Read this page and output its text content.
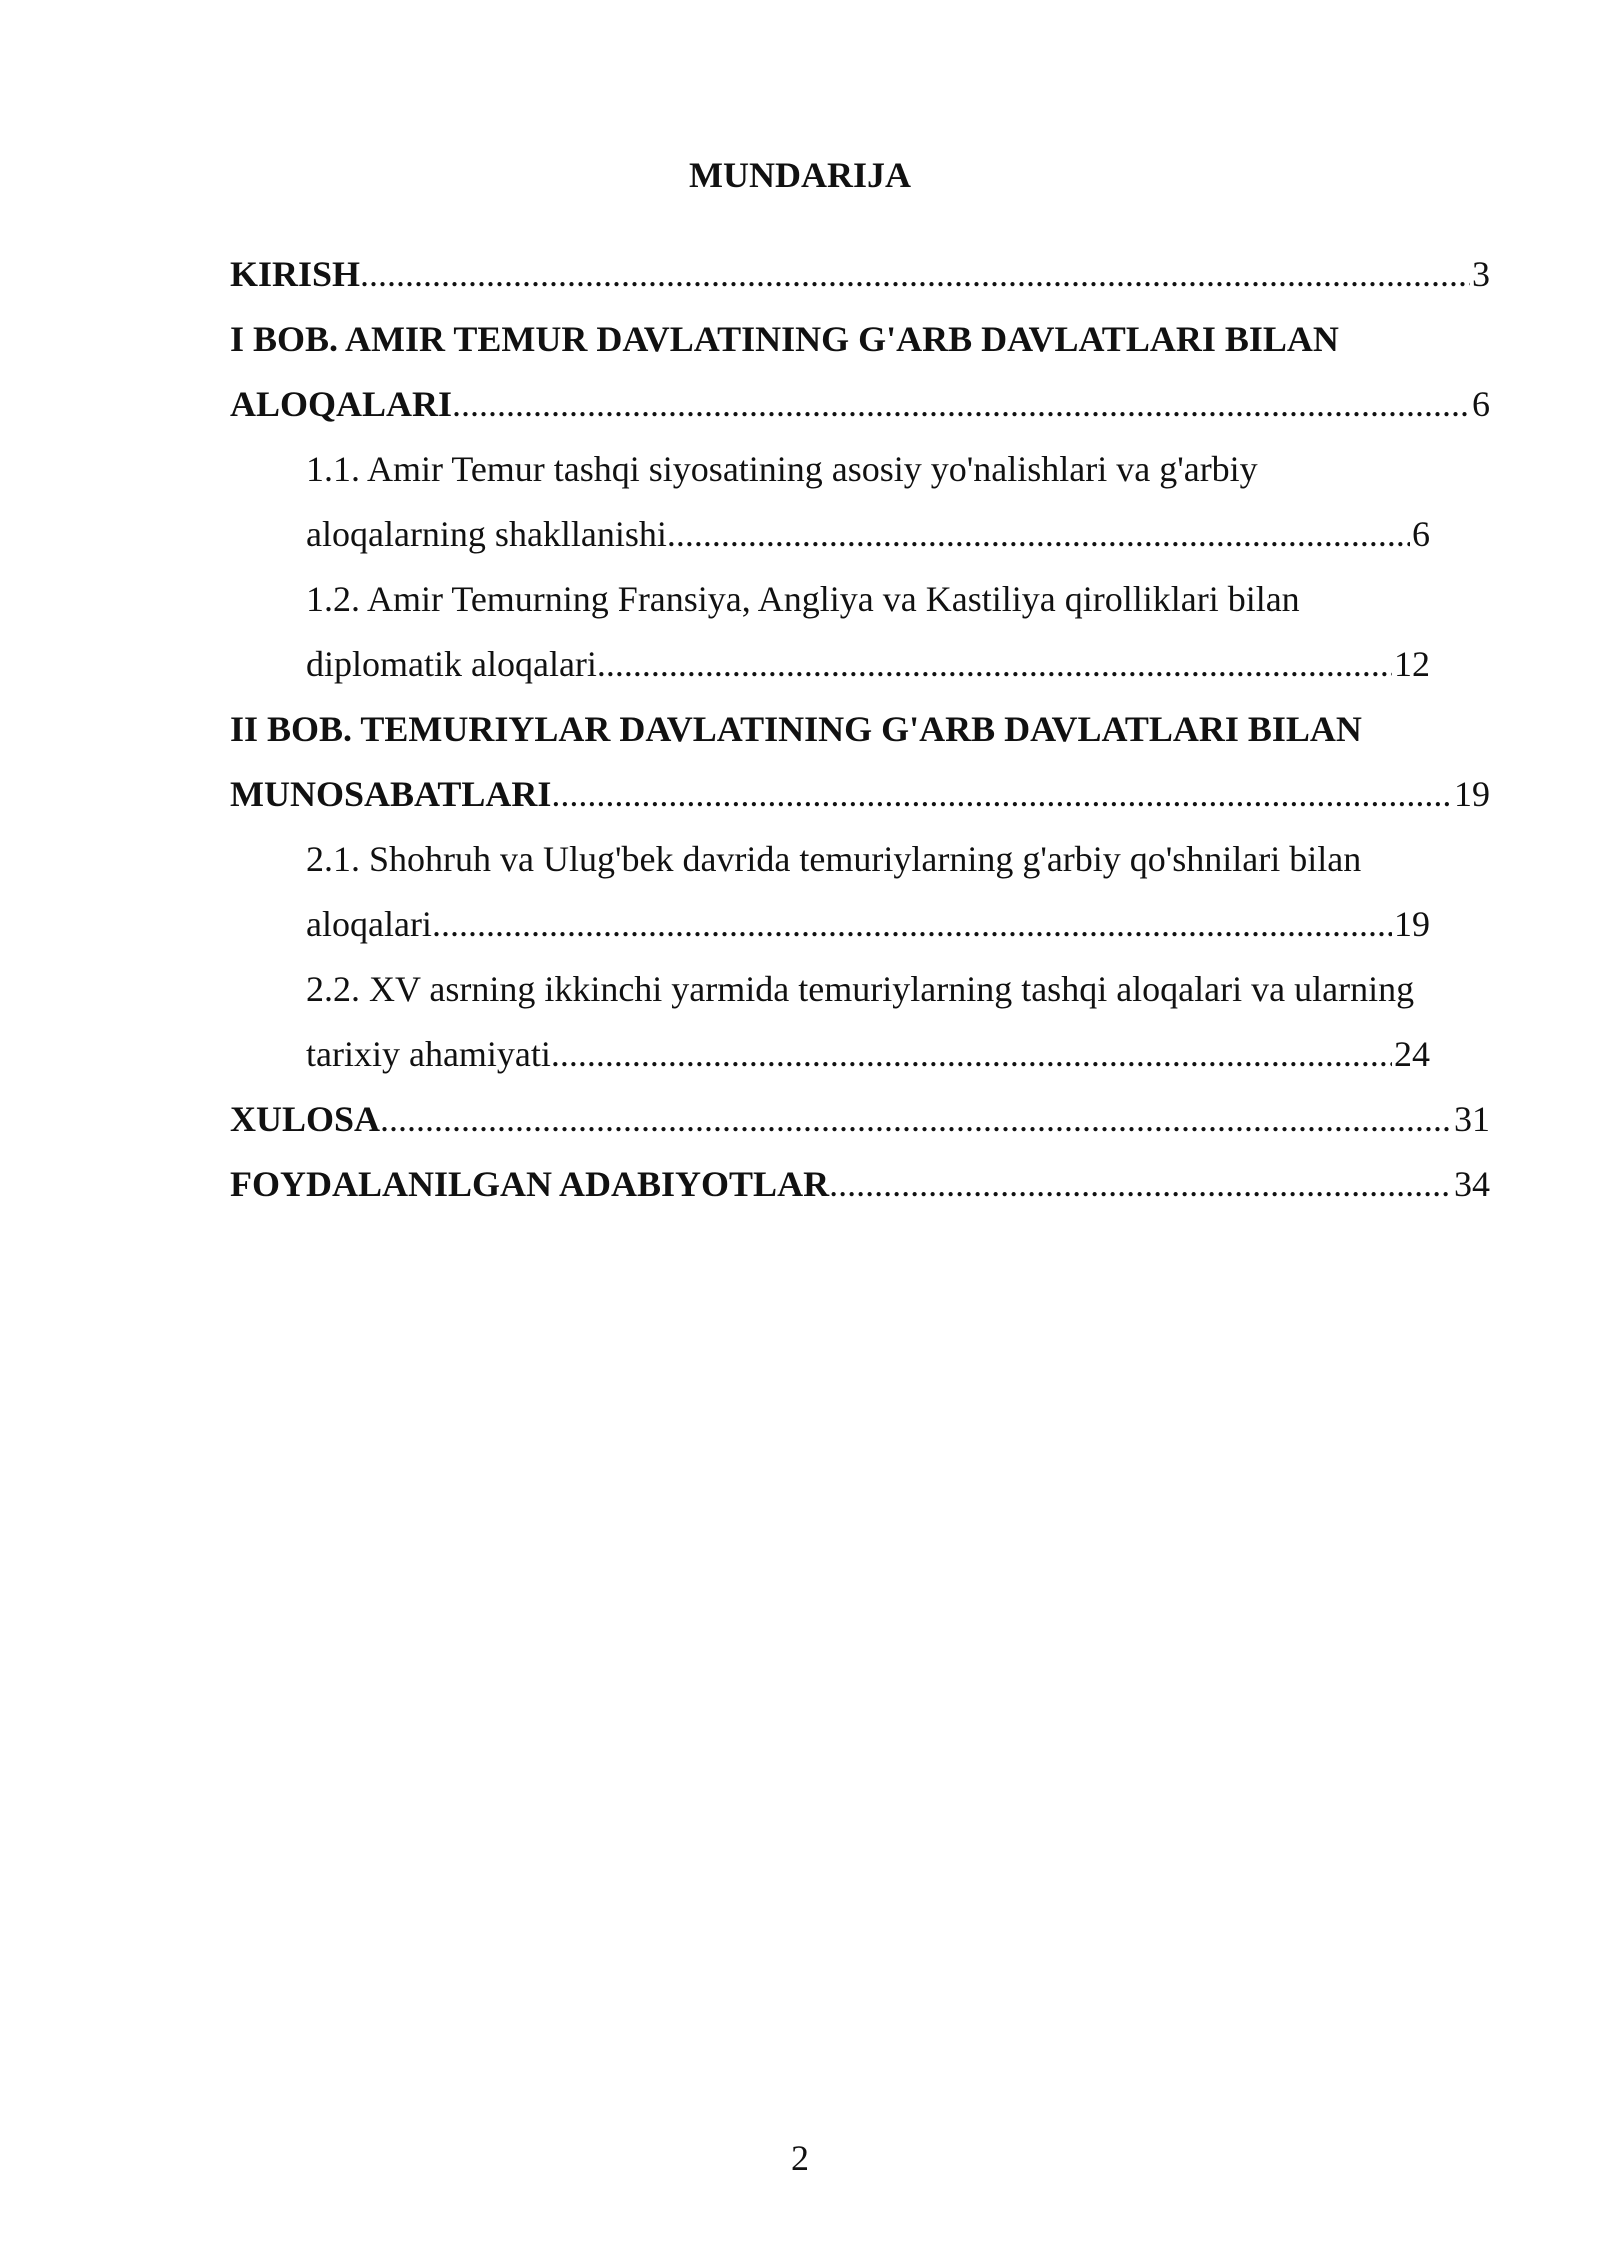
MUNDARIJA
KIRISH .....	3
I BOB. AMIR TEMUR DAVLATINING G'ARB DAVLATLARI BILAN
ALOQALARI .....	6
1.1. Amir Temur tashqi siyosatining asosiy yo'nalishlari va g'arbiy
aloqalarning shakllanishi .....	6
1.2. Amir Temurning Fransiya, Angliya va Kastiliya qirolliklari bilan
diplomatik aloqalari. .....	12
II BOB. TEMURIYLAR DAVLATINING G'ARB DAVLATLARI BILAN
MUNOSABATLARI .....	19
2.1. Shohruh va Ulug'bek davrida temuriylarning g'arbiy qo'shnilari bilan
aloqalari .....	19
2.2. XV asrning ikkinchi yarmida temuriylarning tashqi aloqalari va ularning
tarixiy ahamiyati .....	24
XULOSA .....	31
FOYDALANILGAN ADABIYOTLAR .....	34
2
